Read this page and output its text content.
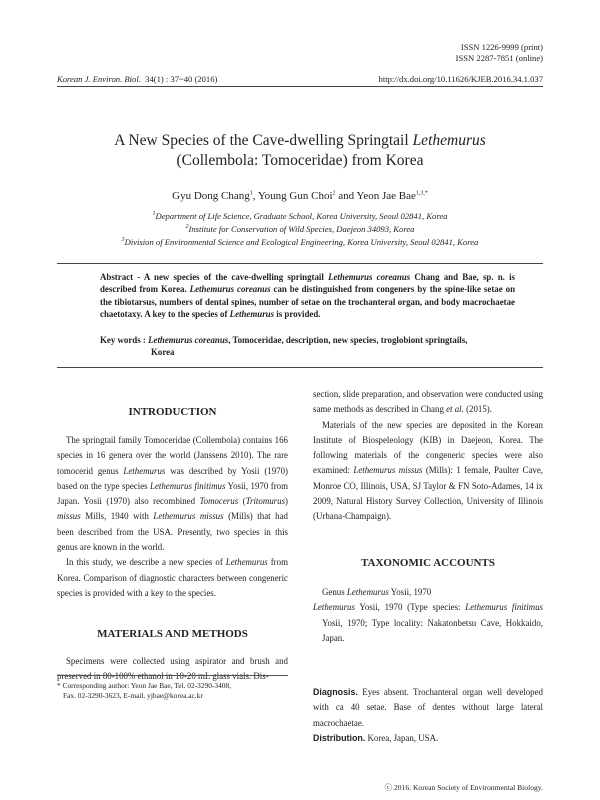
ISSN 1226-9999 (print)
ISSN 2287-7851 (online)
Korean J. Environ. Biol. 34(1) : 37~40 (2016)	http://dx.doi.org/10.11626/KJEB.2016.34.1.037
A New Species of the Cave-dwelling Springtail Lethemurus
(Collembola: Tomoceridae) from Korea
Gyu Dong Chang$^1$, Young Gun Choi$^2$ and Yeon Jae Bae$^{1,3,*}$
$^1$Department of Life Science, Graduate School, Korea University, Seoul 02841, Korea
$^2$Institute for Conservation of Wild Species, Daejeon 34093, Korea
$^3$Division of Environmental Science and Ecological Engineering, Korea University, Seoul 02841, Korea
Abstract - A new species of the cave-dwelling springtail Lethemurus coreanus Chang and Bae, sp. n. is described from Korea. Lethemurus coreanus can be distinguished from congeners by the spine-like setae on the tibiotarsus, numbers of dental spines, number of setae on the trochanteral organ, and body macrochaetae chaetotaxy. A key to the species of Lethemurus is provided.
Key words : Lethemurus coreanus, Tomoceridae, description, new species, troglobiont springtails,
Korea
INTRODUCTION

The springtail family Tomoceridae (Collembola) contains 166 species in 16 genera over the world (Janssens 2010). The rare tomocerid genus Lethemurus was described by Yosii (1970) based on the type species Lethemurus finitimus Yosii, 1970 from Japan. Yosii (1970) also recombined Tomocerus (Tritomurus) missus Mills, 1940 with Lethemurus missus (Mills) that had been described from the USA. Presently, two species in this genus are known in the world.

In this study, we describe a new species of Lethemurus from Korea. Comparison of diagnostic characters between congeneric species is provided with a key to the species.

MATERIALS AND METHODS

Specimens were collected using aspirator and brush and preserved in 80-100% ethanol in 10-20 mL glass vials. Dis-

* Corresponding author: Yeon Jae Bae, Tel. 02-3290-3408,
Fax. 02-3290-3623, E-mail. yjbae@korea.ac.kr

section, slide preparation, and observation were conducted using same methods as described in Chang et al. (2015).

Materials of the new species are deposited in the Korean Institute of Biospeleology (KIB) in Daejeon, Korea. The following materials of the congeneric species were also examined: Lethemurus missus (Mills): 1 female, Paulter Cave, Monroe CO, Illinois, USA, SJ Taylor & FN Soto-Adames, 14 ix 2009, Natural History Survey Collection, University of Illinois (Urbana-Champaign).

TAXONOMIC ACCOUNTS

Genus Lethemurus Yosii, 1970

Lethemurus Yosii, 1970 (Type species: Lethemurus finitimus Yosii, 1970; Type locality: Nakatonbetsu Cave, Hokkaido, Japan.

Diagnosis. Eyes absent. Trochanteral organ well developed with ca 40 setae. Base of dentes without large lateral macrochaetae.

Distribution. Korea, Japan, USA.

ⓒ 2016. Korean Society of Environmental Biology.
